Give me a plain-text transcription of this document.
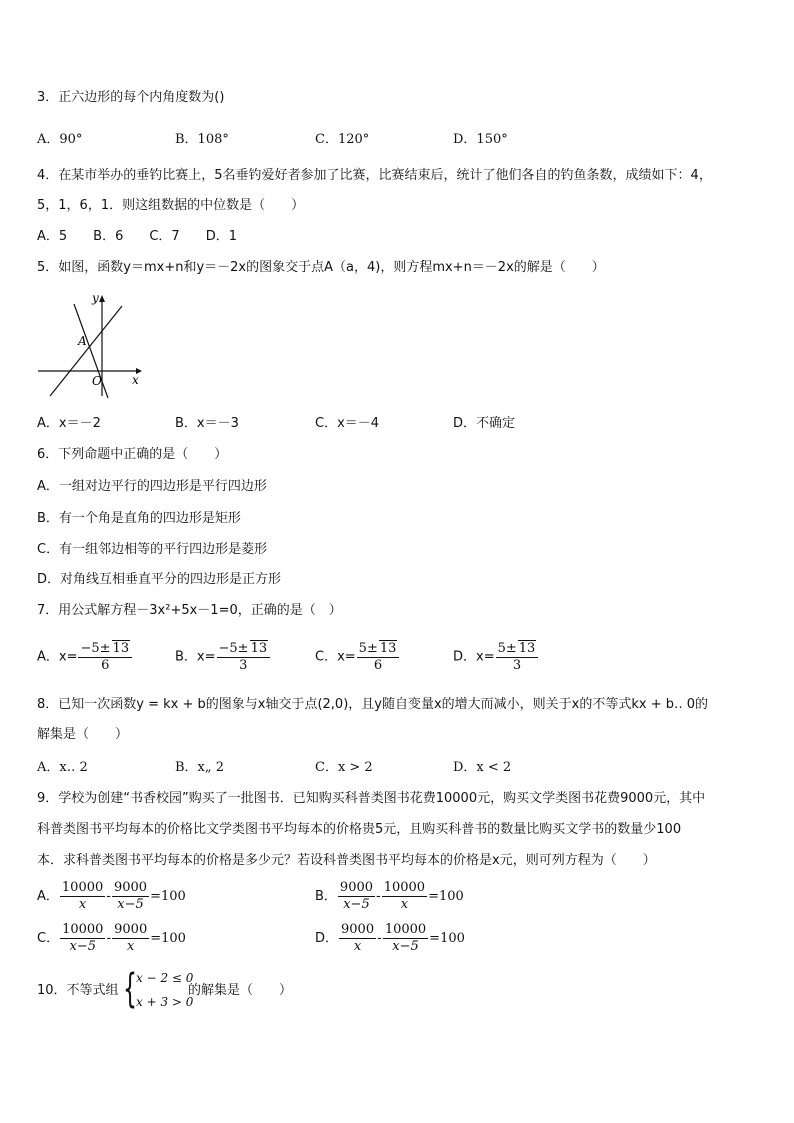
3．正六边形的每个内角度数为()
A．90°	B．108°	C．120°	D．150°
4．在某市举办的垂钓比赛上，5名垂钓爱好者参加了比赛，比赛结束后，统计了他们各自的钓鱼条数，成绩如下：4，
5，1，6，1．则这组数据的中位数是（　　）
A．5　　B．6　　C．7　　D．1
5．如图，函数y＝mx+n和y＝－2x的图象交于点A（a，4)，则方程mx+n＝－2x的解是（　　）
y
x
A
O
A．x＝－2	B．x＝－3	C．x＝－4	D．不确定
6．下列命题中正确的是（　　）
A．一组对边平行的四边形是平行四边形
B．有一个角是直角的四边形是矩形
C．有一组邻边相等的平行四边形是菱形
D．对角线互相垂直平分的四边形是正方形
7．用公式解方程－3x²+5x－1=0，正确的是（　）
A．$x= \frac{-5\pm 13}{6}$	B．$x= \frac{-5\pm 13}{3}$	C．$x= \frac{5\pm 13}{6}$	D．$x= \frac{5\pm 13}{3}$
8．已知一次函数y = kx + b的图象与x轴交于点(2,0)，且y随自变量x的增大而减小，则关于x的不等式kx + b‥ 0的
解集是（　　）
A．x‥ 2	B．x„ 2	C．x > 2	D．x < 2
9．学校为创建“书香校园”购买了一批图书．已知购买科普类图书花费10000元，购买文学类图书花费9000元，其中
科普类图书平均每本的价格比文学类图书平均每本的价格贵5元，且购买科普书的数量比购买文学书的数量少100
本．求科普类图书平均每本的价格是多少元？若设科普类图书平均每本的价格是x元，则可列方程为（　　）
A． $\frac{10000}{x} - \frac{9000}{x-5} =100$	B． $\frac{9000}{x-5} - \frac{10000}{x} =100$
C． $\frac{10000}{x-5} - \frac{9000}{x} =100$	D． $\frac{9000}{x} - \frac{10000}{x-5} =100$
10．不等式组 { x − 2 ≤ 0
x + 3 > 0
的解集是（　　）
